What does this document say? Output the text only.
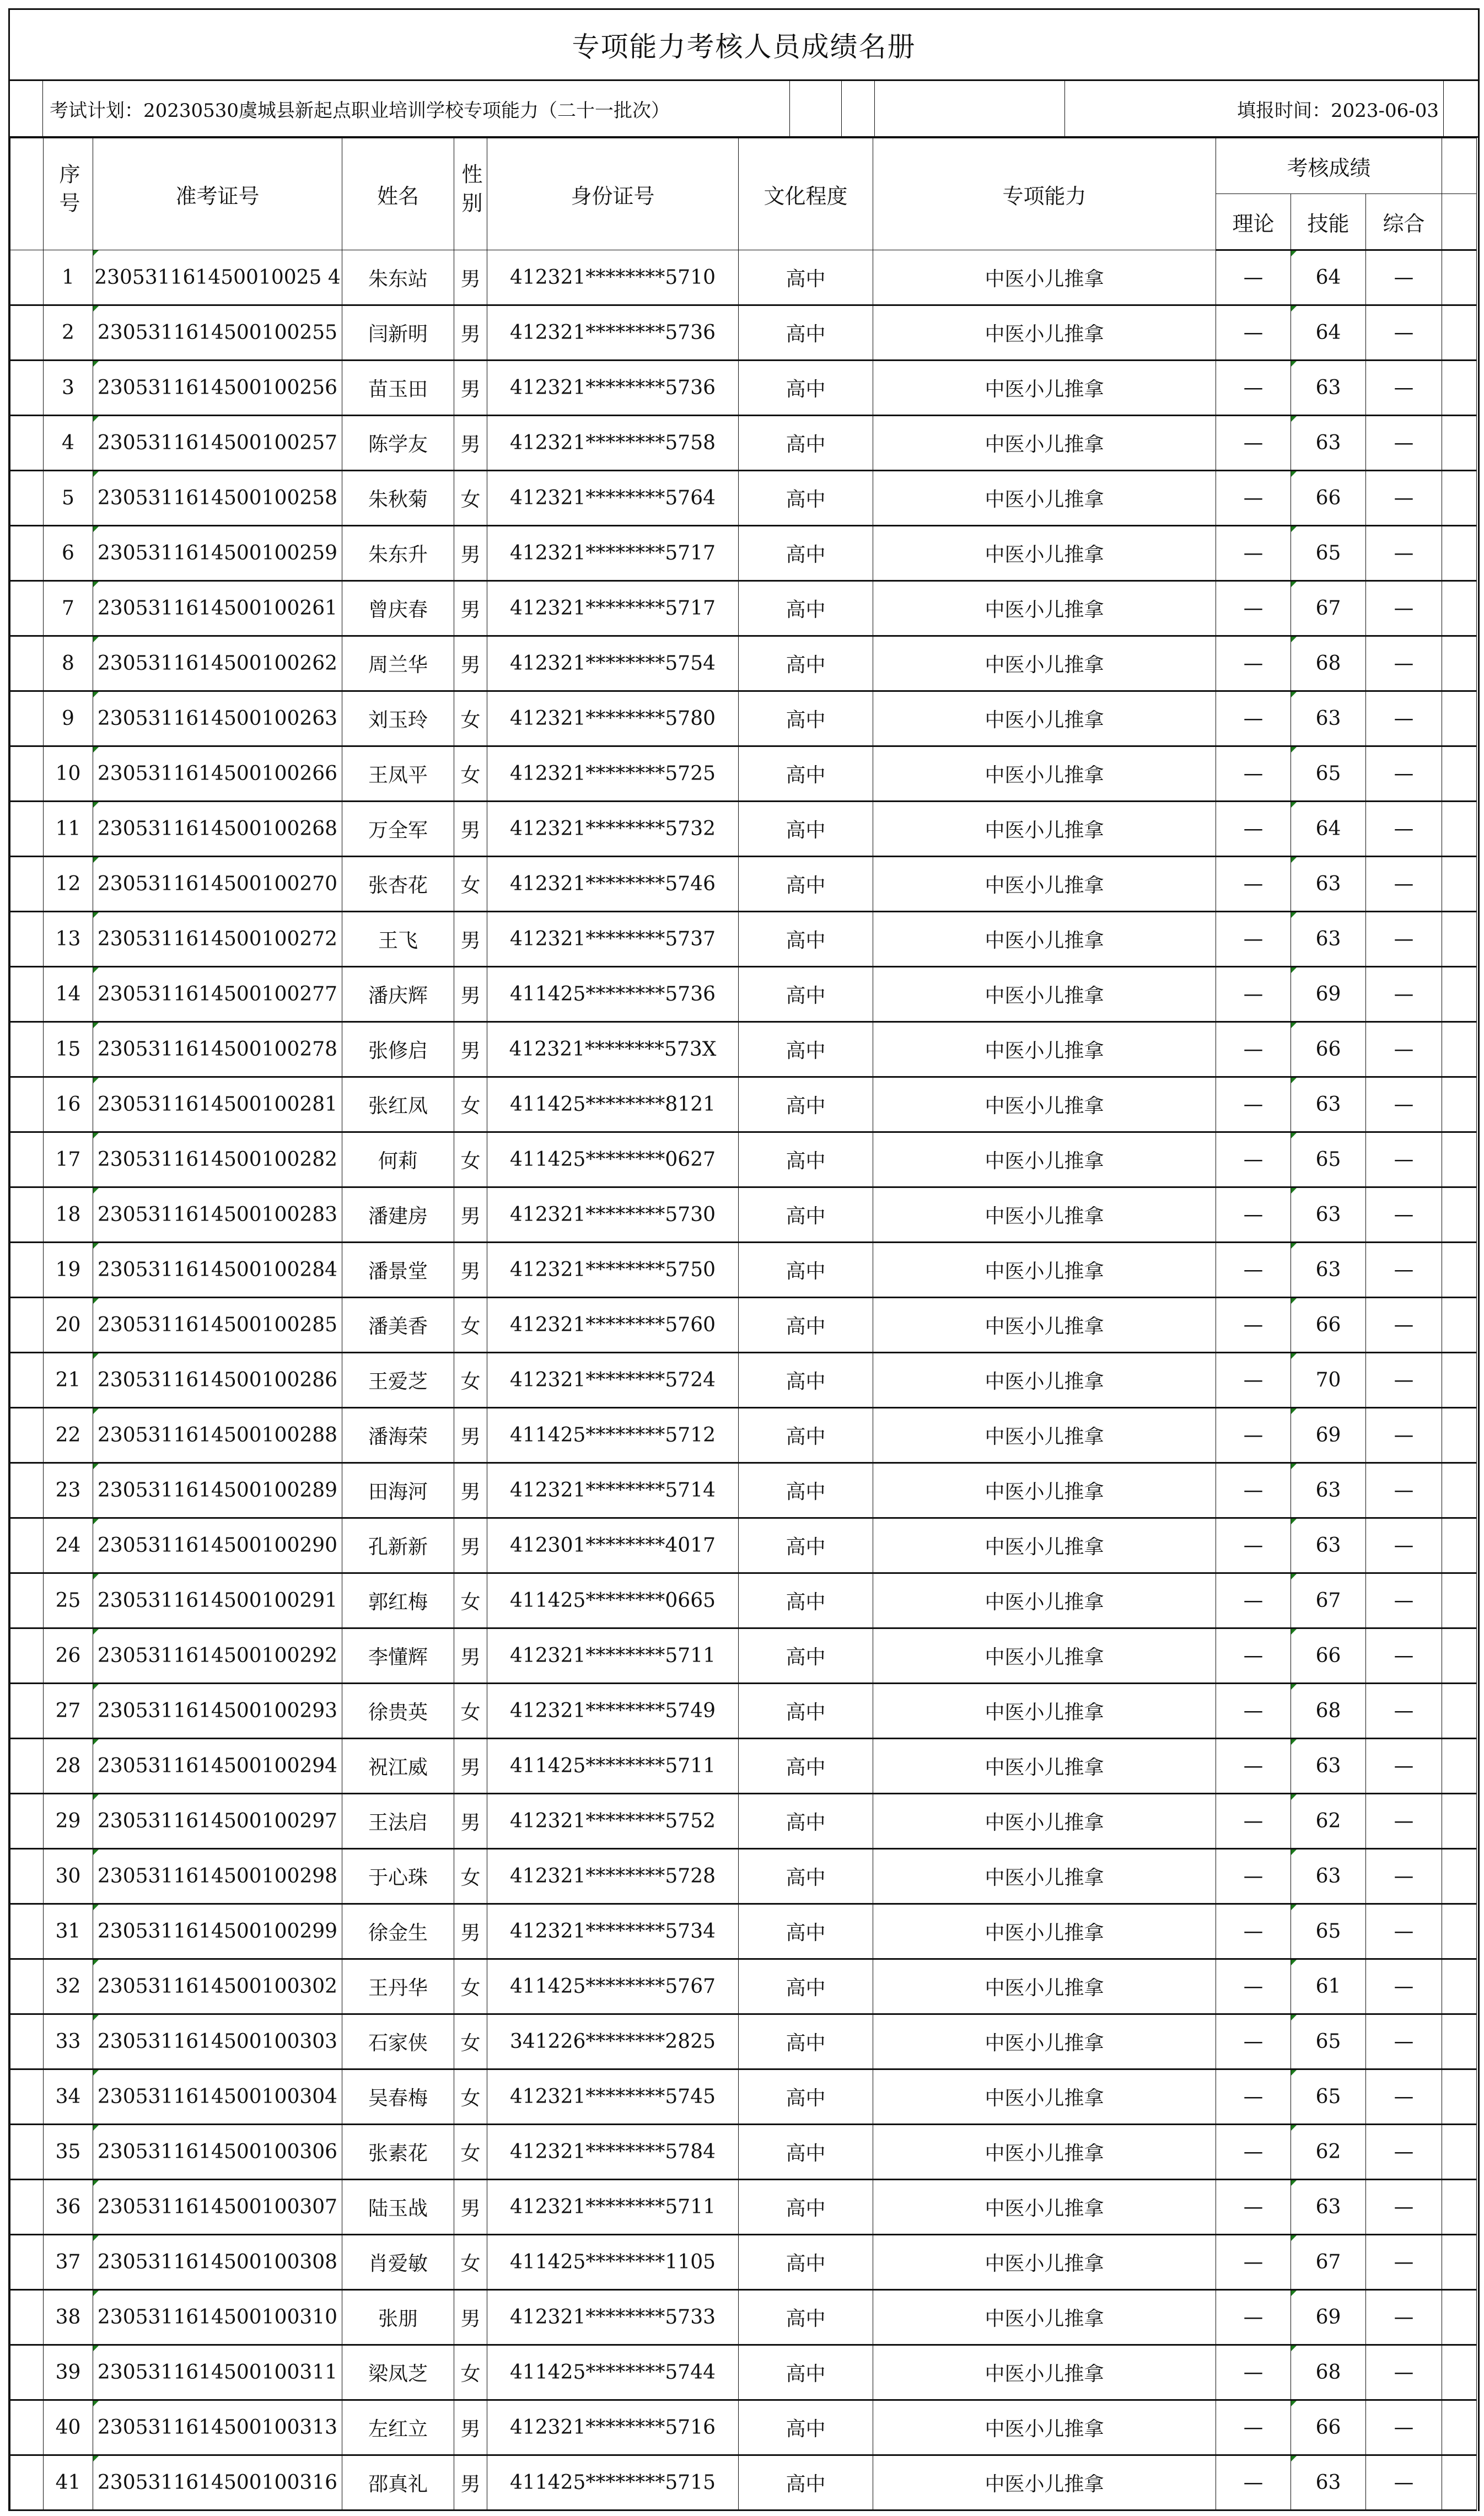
专项能力考核人员成绩名册
考试计划：20230530虞城县新起点职业培训学校专项能力（二十一批次）	填报时间：2023-06-03
	序号	准考证号	姓名	性别	身份证号	文化程度	专项能力	考核成绩			
								理论	技能	综合	
	1	230531161450010025 4	朱东站	男	412321********5710	高中	中医小儿推拿	—	64	—	
	2	2305311614500100255	闫新明	男	412321********5736	高中	中医小儿推拿	—	64	—	
	3	2305311614500100256	苗玉田	男	412321********5736	高中	中医小儿推拿	—	63	—	
	4	2305311614500100257	陈学友	男	412321********5758	高中	中医小儿推拿	—	63	—	
	5	2305311614500100258	朱秋菊	女	412321********5764	高中	中医小儿推拿	—	66	—	
	6	2305311614500100259	朱东升	男	412321********5717	高中	中医小儿推拿	—	65	—	
	7	2305311614500100261	曾庆春	男	412321********5717	高中	中医小儿推拿	—	67	—	
	8	2305311614500100262	周兰华	男	412321********5754	高中	中医小儿推拿	—	68	—	
	9	2305311614500100263	刘玉玲	女	412321********5780	高中	中医小儿推拿	—	63	—	
	10	2305311614500100266	王凤平	女	412321********5725	高中	中医小儿推拿	—	65	—	
	11	2305311614500100268	万全军	男	412321********5732	高中	中医小儿推拿	—	64	—	
	12	2305311614500100270	张杏花	女	412321********5746	高中	中医小儿推拿	—	63	—	
	13	2305311614500100272	王飞	男	412321********5737	高中	中医小儿推拿	—	63	—	
	14	2305311614500100277	潘庆辉	男	411425********5736	高中	中医小儿推拿	—	69	—	
	15	2305311614500100278	张修启	男	412321********573X	高中	中医小儿推拿	—	66	—	
	16	2305311614500100281	张红凤	女	411425********8121	高中	中医小儿推拿	—	63	—	
	17	2305311614500100282	何莉	女	411425********0627	高中	中医小儿推拿	—	65	—	
	18	2305311614500100283	潘建房	男	412321********5730	高中	中医小儿推拿	—	63	—	
	19	2305311614500100284	潘景堂	男	412321********5750	高中	中医小儿推拿	—	63	—	
	20	2305311614500100285	潘美香	女	412321********5760	高中	中医小儿推拿	—	66	—	
	21	2305311614500100286	王爱芝	女	412321********5724	高中	中医小儿推拿	—	70	—	
	22	2305311614500100288	潘海荣	男	411425********5712	高中	中医小儿推拿	—	69	—	
	23	2305311614500100289	田海河	男	412321********5714	高中	中医小儿推拿	—	63	—	
	24	2305311614500100290	孔新新	男	412301********4017	高中	中医小儿推拿	—	63	—	
	25	2305311614500100291	郭红梅	女	411425********0665	高中	中医小儿推拿	—	67	—	
	26	2305311614500100292	李懂辉	男	412321********5711	高中	中医小儿推拿	—	66	—	
	27	2305311614500100293	徐贵英	女	412321********5749	高中	中医小儿推拿	—	68	—	
	28	2305311614500100294	祝江威	男	411425********5711	高中	中医小儿推拿	—	63	—	
	29	2305311614500100297	王法启	男	412321********5752	高中	中医小儿推拿	—	62	—	
	30	2305311614500100298	于心珠	女	412321********5728	高中	中医小儿推拿	—	63	—	
	31	2305311614500100299	徐金生	男	412321********5734	高中	中医小儿推拿	—	65	—	
	32	2305311614500100302	王丹华	女	411425********5767	高中	中医小儿推拿	—	61	—	
	33	2305311614500100303	石家侠	女	341226********2825	高中	中医小儿推拿	—	65	—	
	34	2305311614500100304	吴春梅	女	412321********5745	高中	中医小儿推拿	—	65	—	
	35	2305311614500100306	张素花	女	412321********5784	高中	中医小儿推拿	—	62	—	
	36	2305311614500100307	陆玉战	男	412321********5711	高中	中医小儿推拿	—	63	—	
	37	2305311614500100308	肖爱敏	女	411425********1105	高中	中医小儿推拿	—	67	—	
	38	2305311614500100310	张朋	男	412321********5733	高中	中医小儿推拿	—	69	—	
	39	2305311614500100311	梁凤芝	女	411425********5744	高中	中医小儿推拿	—	68	—	
	40	2305311614500100313	左红立	男	412321********5716	高中	中医小儿推拿	—	66	—	
	41	2305311614500100316	邵真礼	男	411425********5715	高中	中医小儿推拿	—	63	—	
